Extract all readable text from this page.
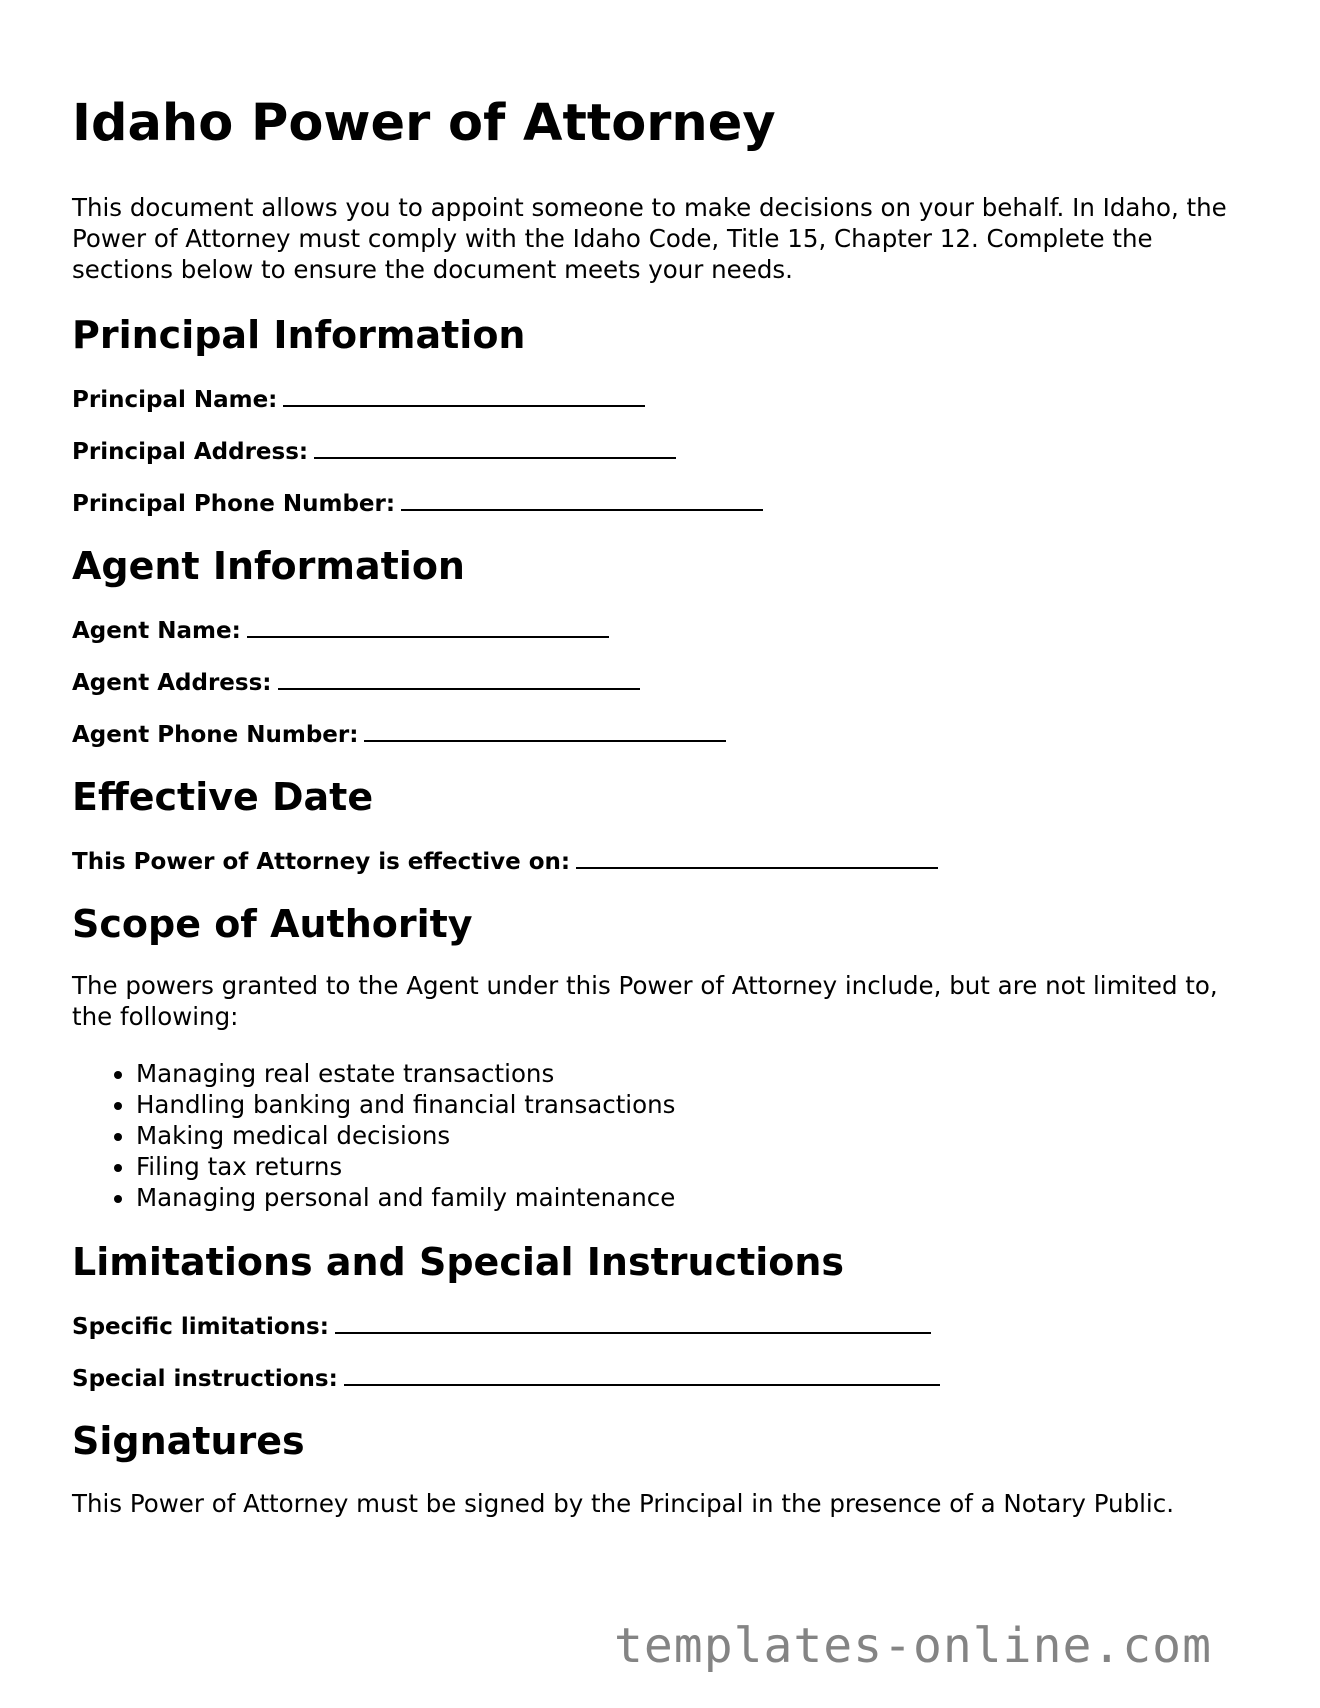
Idaho Power of Attorney

This document allows you to appoint someone to make decisions on your behalf. In Idaho, the Power of Attorney must comply with the Idaho Code, Title 15, Chapter 12. Complete the sections below to ensure the document meets your needs.

Principal Information
Principal Name:
Principal Address:
Principal Phone Number:
Agent Information
Agent Name:
Agent Address:
Agent Phone Number:
Effective Date
This Power of Attorney is effective on:
Scope of Authority

The powers granted to the Agent under this Power of Attorney include, but are not limited to, the following:

• Managing real estate transactions
• Handling banking and financial transactions
• Making medical decisions
• Filing tax returns
• Managing personal and family maintenance
Limitations and Special Instructions
Specific limitations:
Special instructions:
Signatures

This Power of Attorney must be signed by the Principal in the presence of a Notary Public.

templates-online.com
